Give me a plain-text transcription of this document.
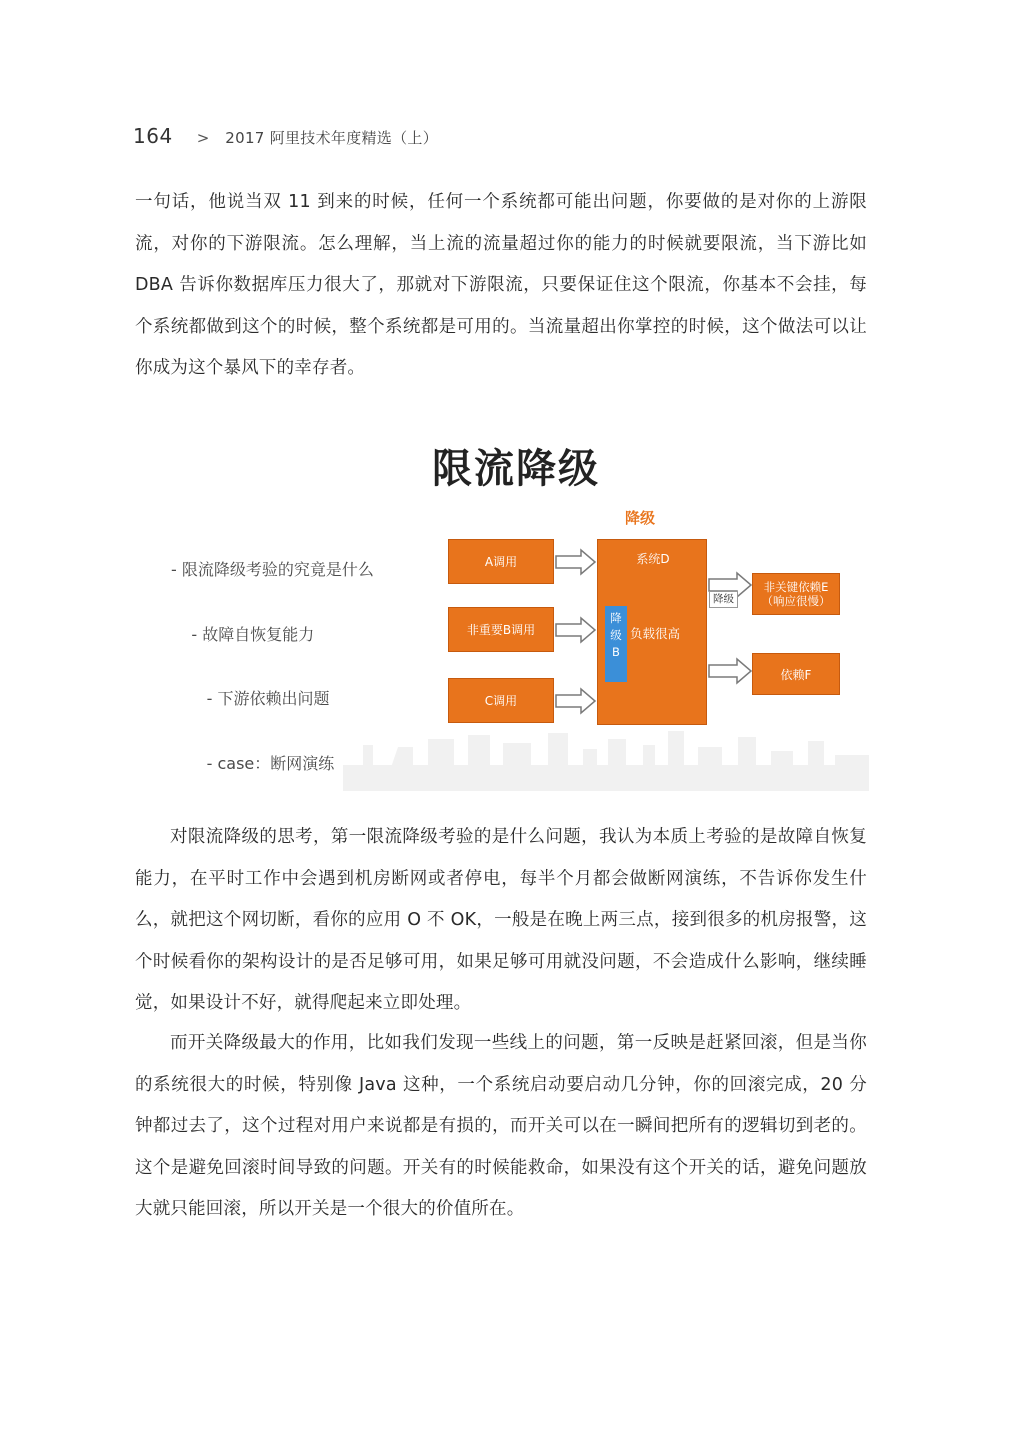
164 > 2017 阿里技术年度精选（上）
一句话，他说当双 11 到来的时候，任何一个系统都可能出问题，你要做的是对你的上游限流，对你的下游限流。怎么理解，当上流的流量超过你的能力的时候就要限流，当下游比如 DBA 告诉你数据库压力很大了，那就对下游限流，只要保证住这个限流，你基本不会挂，每个系统都做到这个的时候，整个系统都是可用的。当流量超出你掌控的时候，这个做法可以让你成为这个暴风下的幸存者。
限流降级

- 限流降级考验的究竟是什么

- 故障自恢复能力

- 下游依赖出问题

- case：断网演练

降级
A调用
非重要B调用
C调用
系统D
降
级
B
负载很高
降级
非关键依赖E
（响应很慢）
依赖F
对限流降级的思考，第一限流降级考验的是什么问题，我认为本质上考验的是故障自恢复能力，在平时工作中会遇到机房断网或者停电，每半个月都会做断网演练，不告诉你发生什么，就把这个网切断，看你的应用 O 不 OK，一般是在晚上两三点，接到很多的机房报警，这个时候看你的架构设计的是否足够可用，如果足够可用就没问题，不会造成什么影响，继续睡觉，如果设计不好，就得爬起来立即处理。
而开关降级最大的作用，比如我们发现一些线上的问题，第一反映是赶紧回滚，但是当你的系统很大的时候，特别像 Java 这种，一个系统启动要启动几分钟，你的回滚完成，20 分钟都过去了，这个过程对用户来说都是有损的，而开关可以在一瞬间把所有的逻辑切到老的。这个是避免回滚时间导致的问题。开关有的时候能救命，如果没有这个开关的话，避免问题放大就只能回滚，所以开关是一个很大的价值所在。
